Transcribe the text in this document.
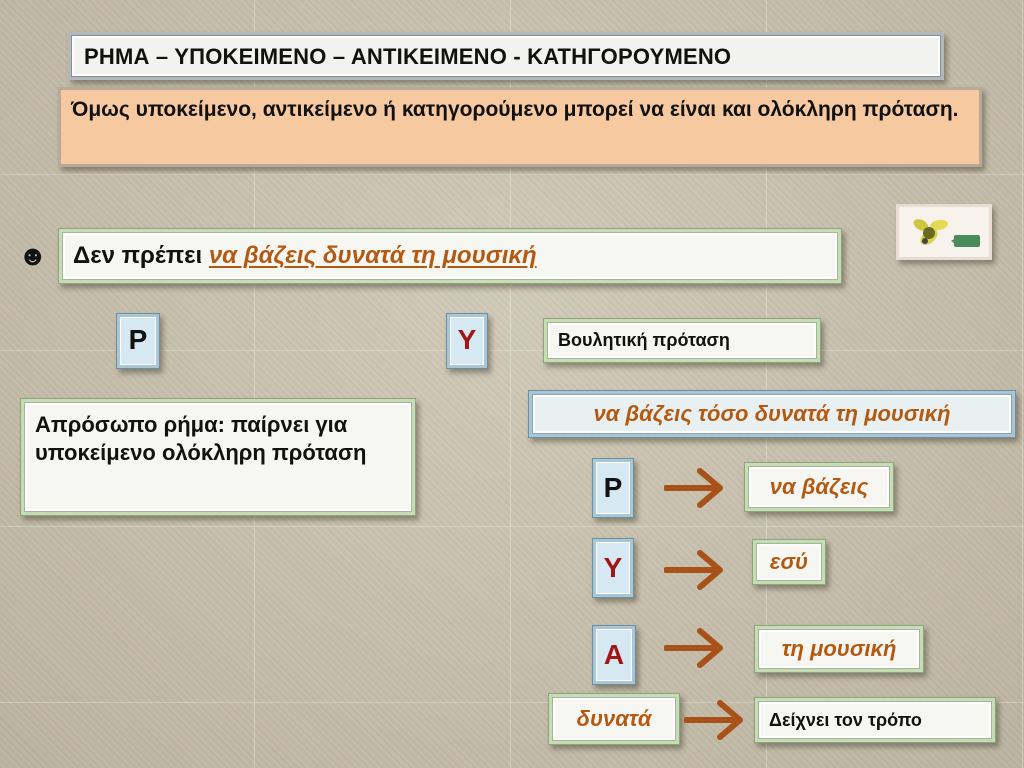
ΡΗΜΑ – ΥΠΟΚΕΙΜΕΝΟ – ΑΝΤΙΚΕΙΜΕΝΟ - ΚΑΤΗΓΟΡΟΥΜΕΝΟ
Όμως υποκείμενο, αντικείμενο ή κατηγορούμενο μπορεί να είναι και ολόκληρη πρόταση.
☻	Δεν πρέπει να βάζεις δυνατά τη μουσική
Ρ	Υ	Βουλητική πρόταση
να βάζεις τόσο δυνατά τη μουσική
Απρόσωπο ρήμα: παίρνει για υποκείμενο ολόκληρη πρόταση
Ρ	να βάζεις
Υ	εσύ
Α	τη μουσική
δυνατά	Δείχνει τον τρόπο
